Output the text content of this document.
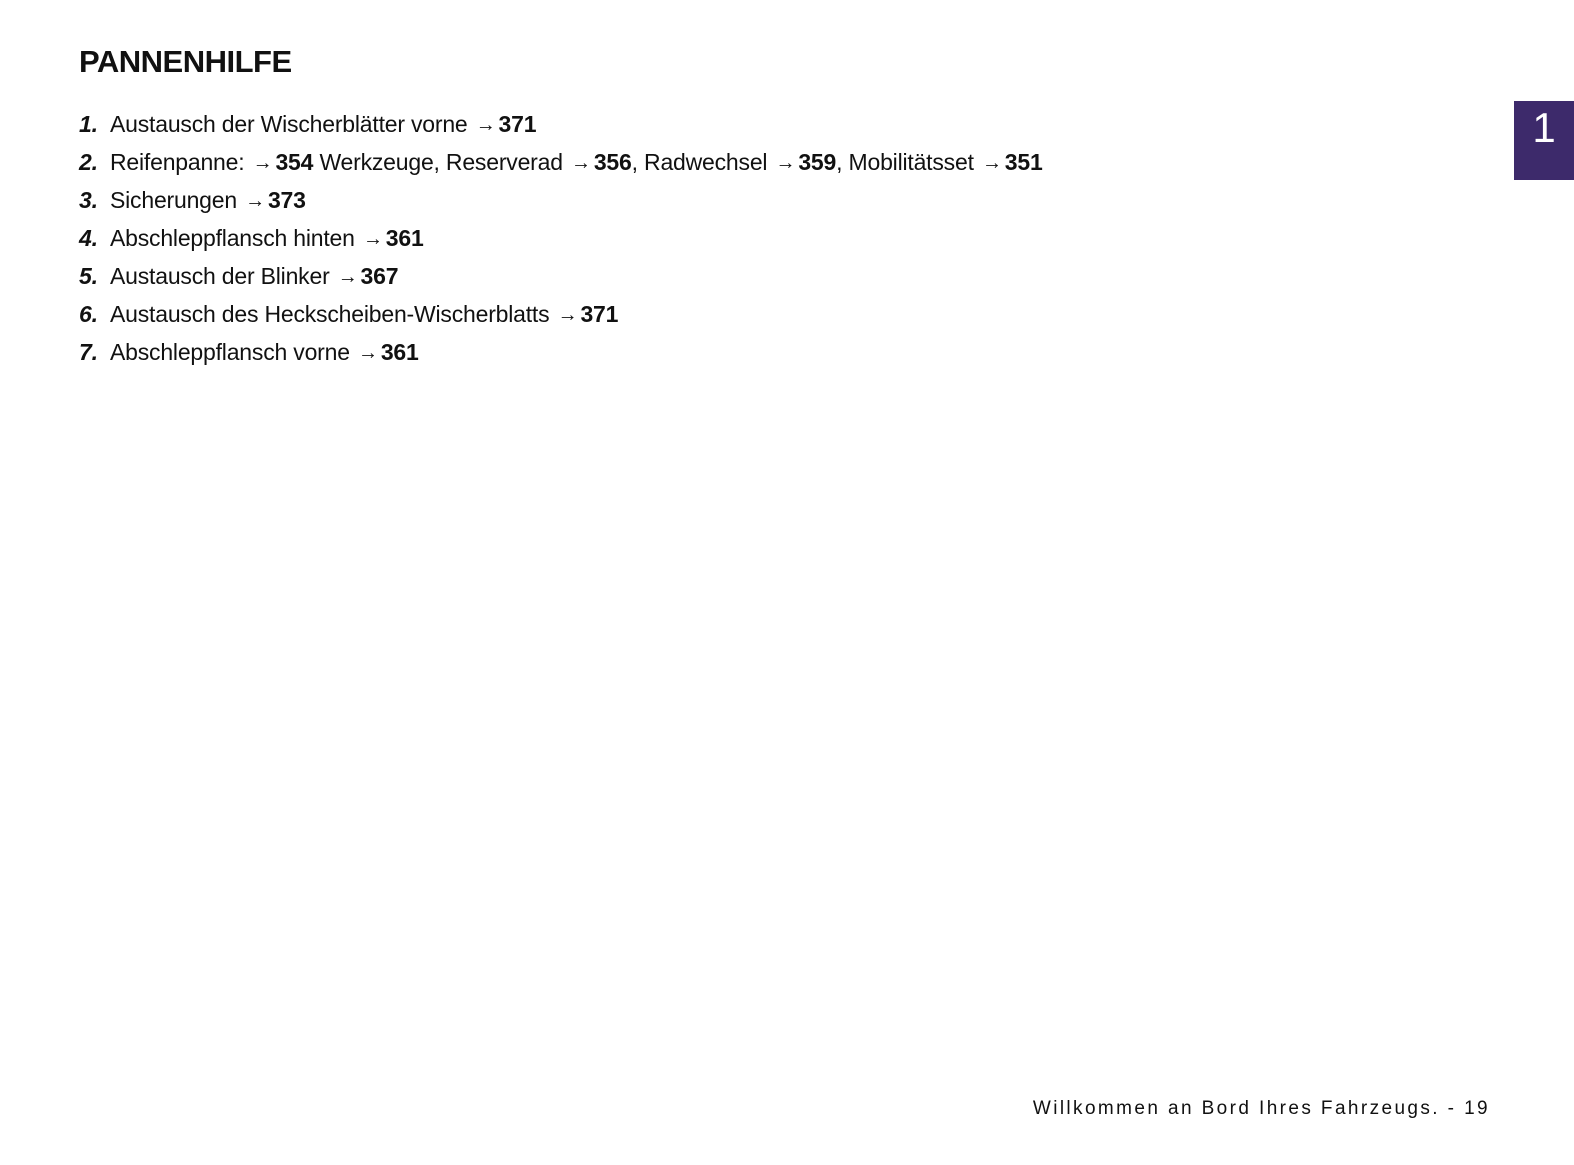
PANNENHILFE
1. Austausch der Wischerblätter vorne → 371
2. Reifenpanne: → 354 Werkzeuge, Reserverad → 356, Radwechsel → 359, Mobilitätsset → 351
3. Sicherungen → 373
4. Abschleppflansch hinten → 361
5. Austausch der Blinker → 367
6. Austausch des Heckscheiben-Wischerblatts → 371
7. Abschleppflansch vorne → 361
1
Willkommen an Bord Ihres Fahrzeugs. - 19
